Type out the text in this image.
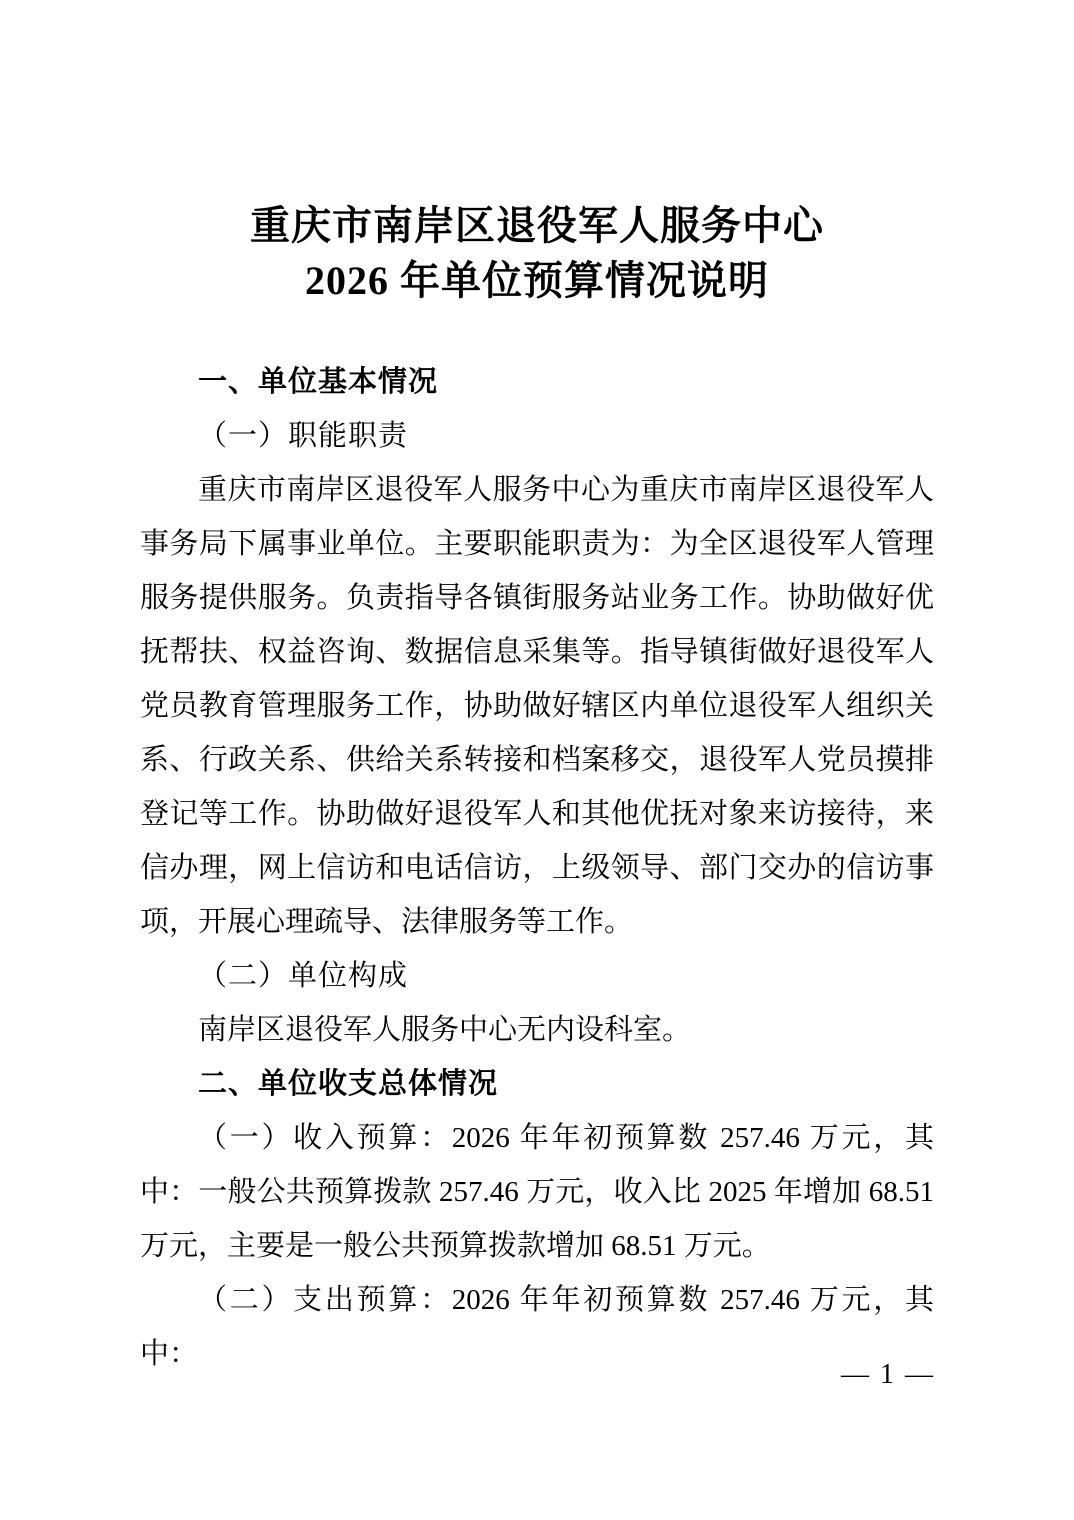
重庆市南岸区退役军人服务中心
2026 年单位预算情况说明
一、单位基本情况
（一）职能职责

重庆市南岸区退役军人服务中心为重庆市南岸区退役军人事务局下属事业单位。主要职能职责为：为全区退役军人管理服务提供服务。负责指导各镇街服务站业务工作。协助做好优抚帮扶、权益咨询、数据信息采集等。指导镇街做好退役军人党员教育管理服务工作，协助做好辖区内单位退役军人组织关系、行政关系、供给关系转接和档案移交，退役军人党员摸排登记等工作。协助做好退役军人和其他优抚对象来访接待，来信办理，网上信访和电话信访，上级领导、部门交办的信访事项，开展心理疏导、法律服务等工作。

（二）单位构成

南岸区退役军人服务中心无内设科室。

二、单位收支总体情况

（一）收入预算：2026 年年初预算数 257.46 万元，其中：一般公共预算拨款 257.46 万元，收入比 2025 年增加 68.51 万元，主要是一般公共预算拨款增加 68.51 万元。

（二）支出预算：2026 年年初预算数 257.46 万元，其中：

— 1 —
